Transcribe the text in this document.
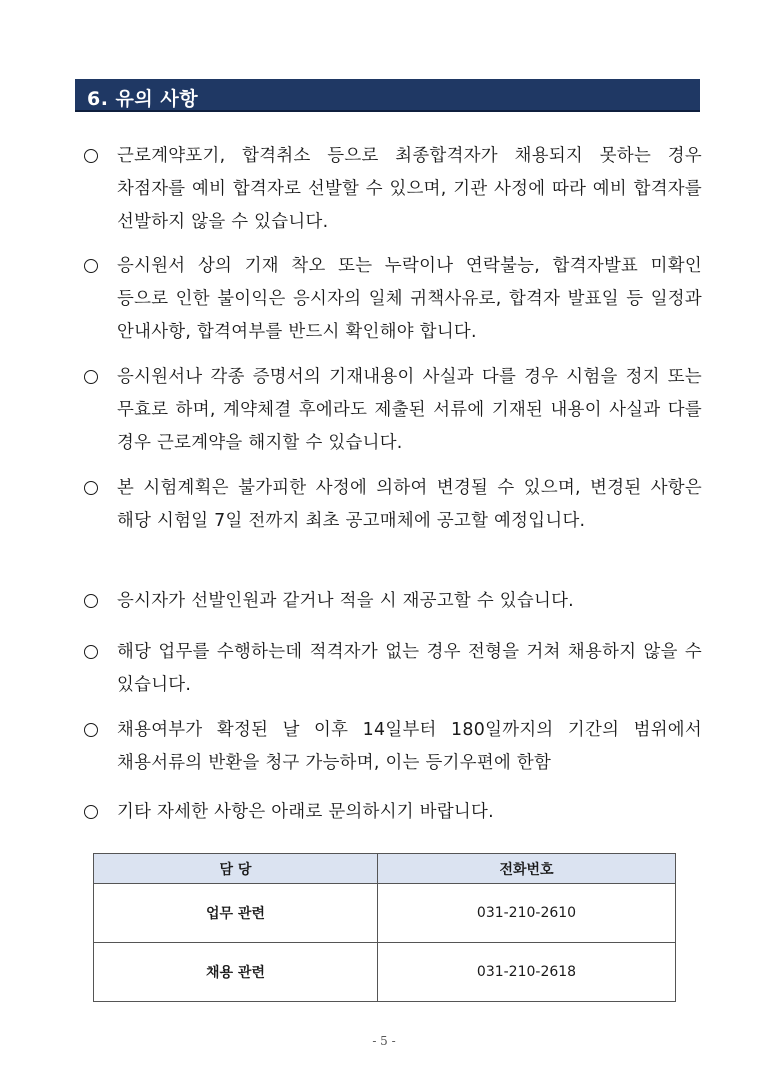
6. 유의 사항
근로계약포기, 합격취소 등으로 최종합격자가 채용되지 못하는 경우 차점자를 예비 합격자로 선발할 수 있으며, 기관 사정에 따라 예비 합격자를 선발하지 않을 수 있습니다.
응시원서 상의 기재 착오 또는 누락이나 연락불능, 합격자발표 미확인 등으로 인한 불이익은 응시자의 일체 귀책사유로, 합격자 발표일 등 일정과 안내사항, 합격여부를 반드시 확인해야 합니다.
응시원서나 각종 증명서의 기재내용이 사실과 다를 경우 시험을 정지 또는 무효로 하며, 계약체결 후에라도 제출된 서류에 기재된 내용이 사실과 다를 경우 근로계약을 해지할 수 있습니다.
본 시험계획은 불가피한 사정에 의하여 변경될 수 있으며, 변경된 사항은 해당 시험일 7일 전까지 최초 공고매체에 공고할 예정입니다.
응시자가 선발인원과 같거나 적을 시 재공고할 수 있습니다.
해당 업무를 수행하는데 적격자가 없는 경우 전형을 거쳐 채용하지 않을 수 있습니다.
채용여부가 확정된 날 이후 14일부터 180일까지의 기간의 범위에서 채용서류의 반환을 청구 가능하며, 이는 등기우편에 한함
기타 자세한 사항은 아래로 문의하시기 바랍니다.
담 당	전화번호
업무 관련	031-210-2610
채용 관련	031-210-2618
- 5 -
